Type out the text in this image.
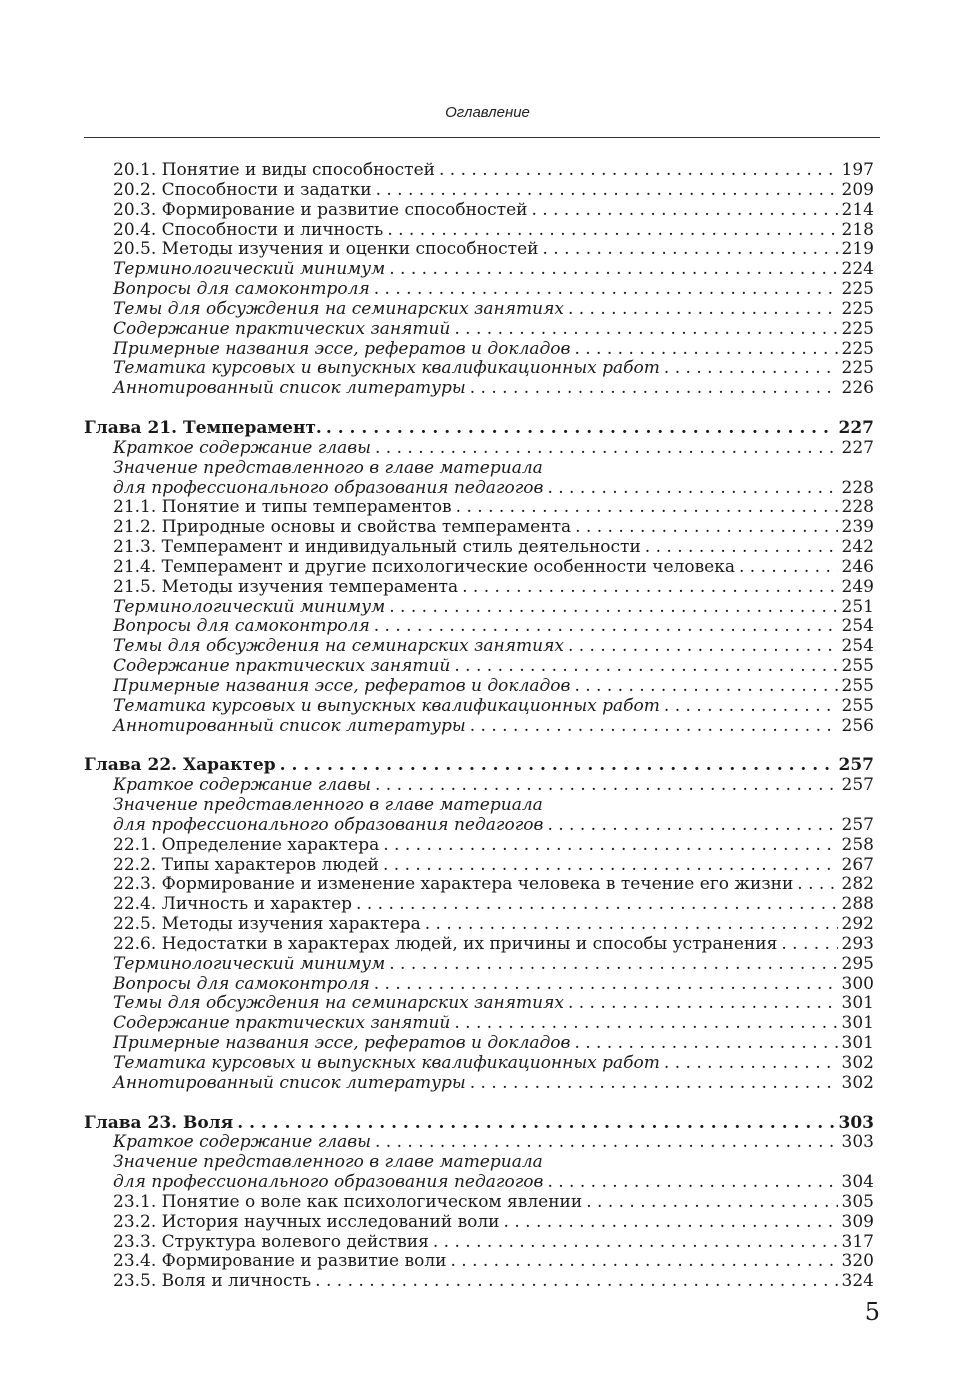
Оглавление
20.1. Понятие и виды способностей . . .	197
20.2. Способности и задатки . . .	209
20.3. Формирование и развитие способностей . . .	214
20.4. Способности и личность . . .	218
20.5. Методы изучения и оценки способностей . . .	219
Терминологический минимум . . .	224
Вопросы для самоконтроля . . .	225
Темы для обсуждения на семинарских занятиях . . .	225
Содержание практических занятий . . .	225
Примерные названия эссе, рефератов и докладов . . .	225
Тематика курсовых и выпускных квалификационных работ . . .	225
Аннотированный список литературы . . .	226
Глава 21. Темперамент. . . .	227
Краткое содержание главы . . .	227
Значение представленного в главе материала
для профессионального образования педагогов . . .	228
21.1. Понятие и типы темпераментов . . .	228
21.2. Природные основы и свойства темперамента . . .	239
21.3. Темперамент и индивидуальный стиль деятельности . . .	242
21.4. Темперамент и другие психологические особенности человека . . .	246
21.5. Методы изучения темперамента . . .	249
Терминологический минимум . . .	251
Вопросы для самоконтроля . . .	254
Темы для обсуждения на семинарских занятиях . . .	254
Содержание практических занятий . . .	255
Примерные названия эссе, рефератов и докладов . . .	255
Тематика курсовых и выпускных квалификационных работ . . .	255
Аннотированный список литературы . . .	256
Глава 22. Характер . . .	257
Краткое содержание главы . . .	257
Значение представленного в главе материала
для профессионального образования педагогов . . .	257
22.1. Определение характера . . .	258
22.2. Типы характеров людей . . .	267
22.3. Формирование и изменение характера человека в течение его жизни . . .	282
22.4. Личность и характер . . .	288
22.5. Методы изучения характера . . .	292
22.6. Недостатки в характерах людей, их причины и способы устранения . . .	293
Терминологический минимум . . .	295
Вопросы для самоконтроля . . .	300
Темы для обсуждения на семинарских занятиях . . .	301
Содержание практических занятий . . .	301
Примерные названия эссе, рефератов и докладов . . .	301
Тематика курсовых и выпускных квалификационных работ . . .	302
Аннотированный список литературы . . .	302
Глава 23. Воля . . .	303
Краткое содержание главы . . .	303
Значение представленного в главе материала
для профессионального образования педагогов . . .	304
23.1. Понятие о воле как психологическом явлении . . .	305
23.2. История научных исследований воли . . .	309
23.3. Структура волевого действия . . .	317
23.4. Формирование и развитие воли . . .	320
23.5. Воля и личность . . .	324
5
